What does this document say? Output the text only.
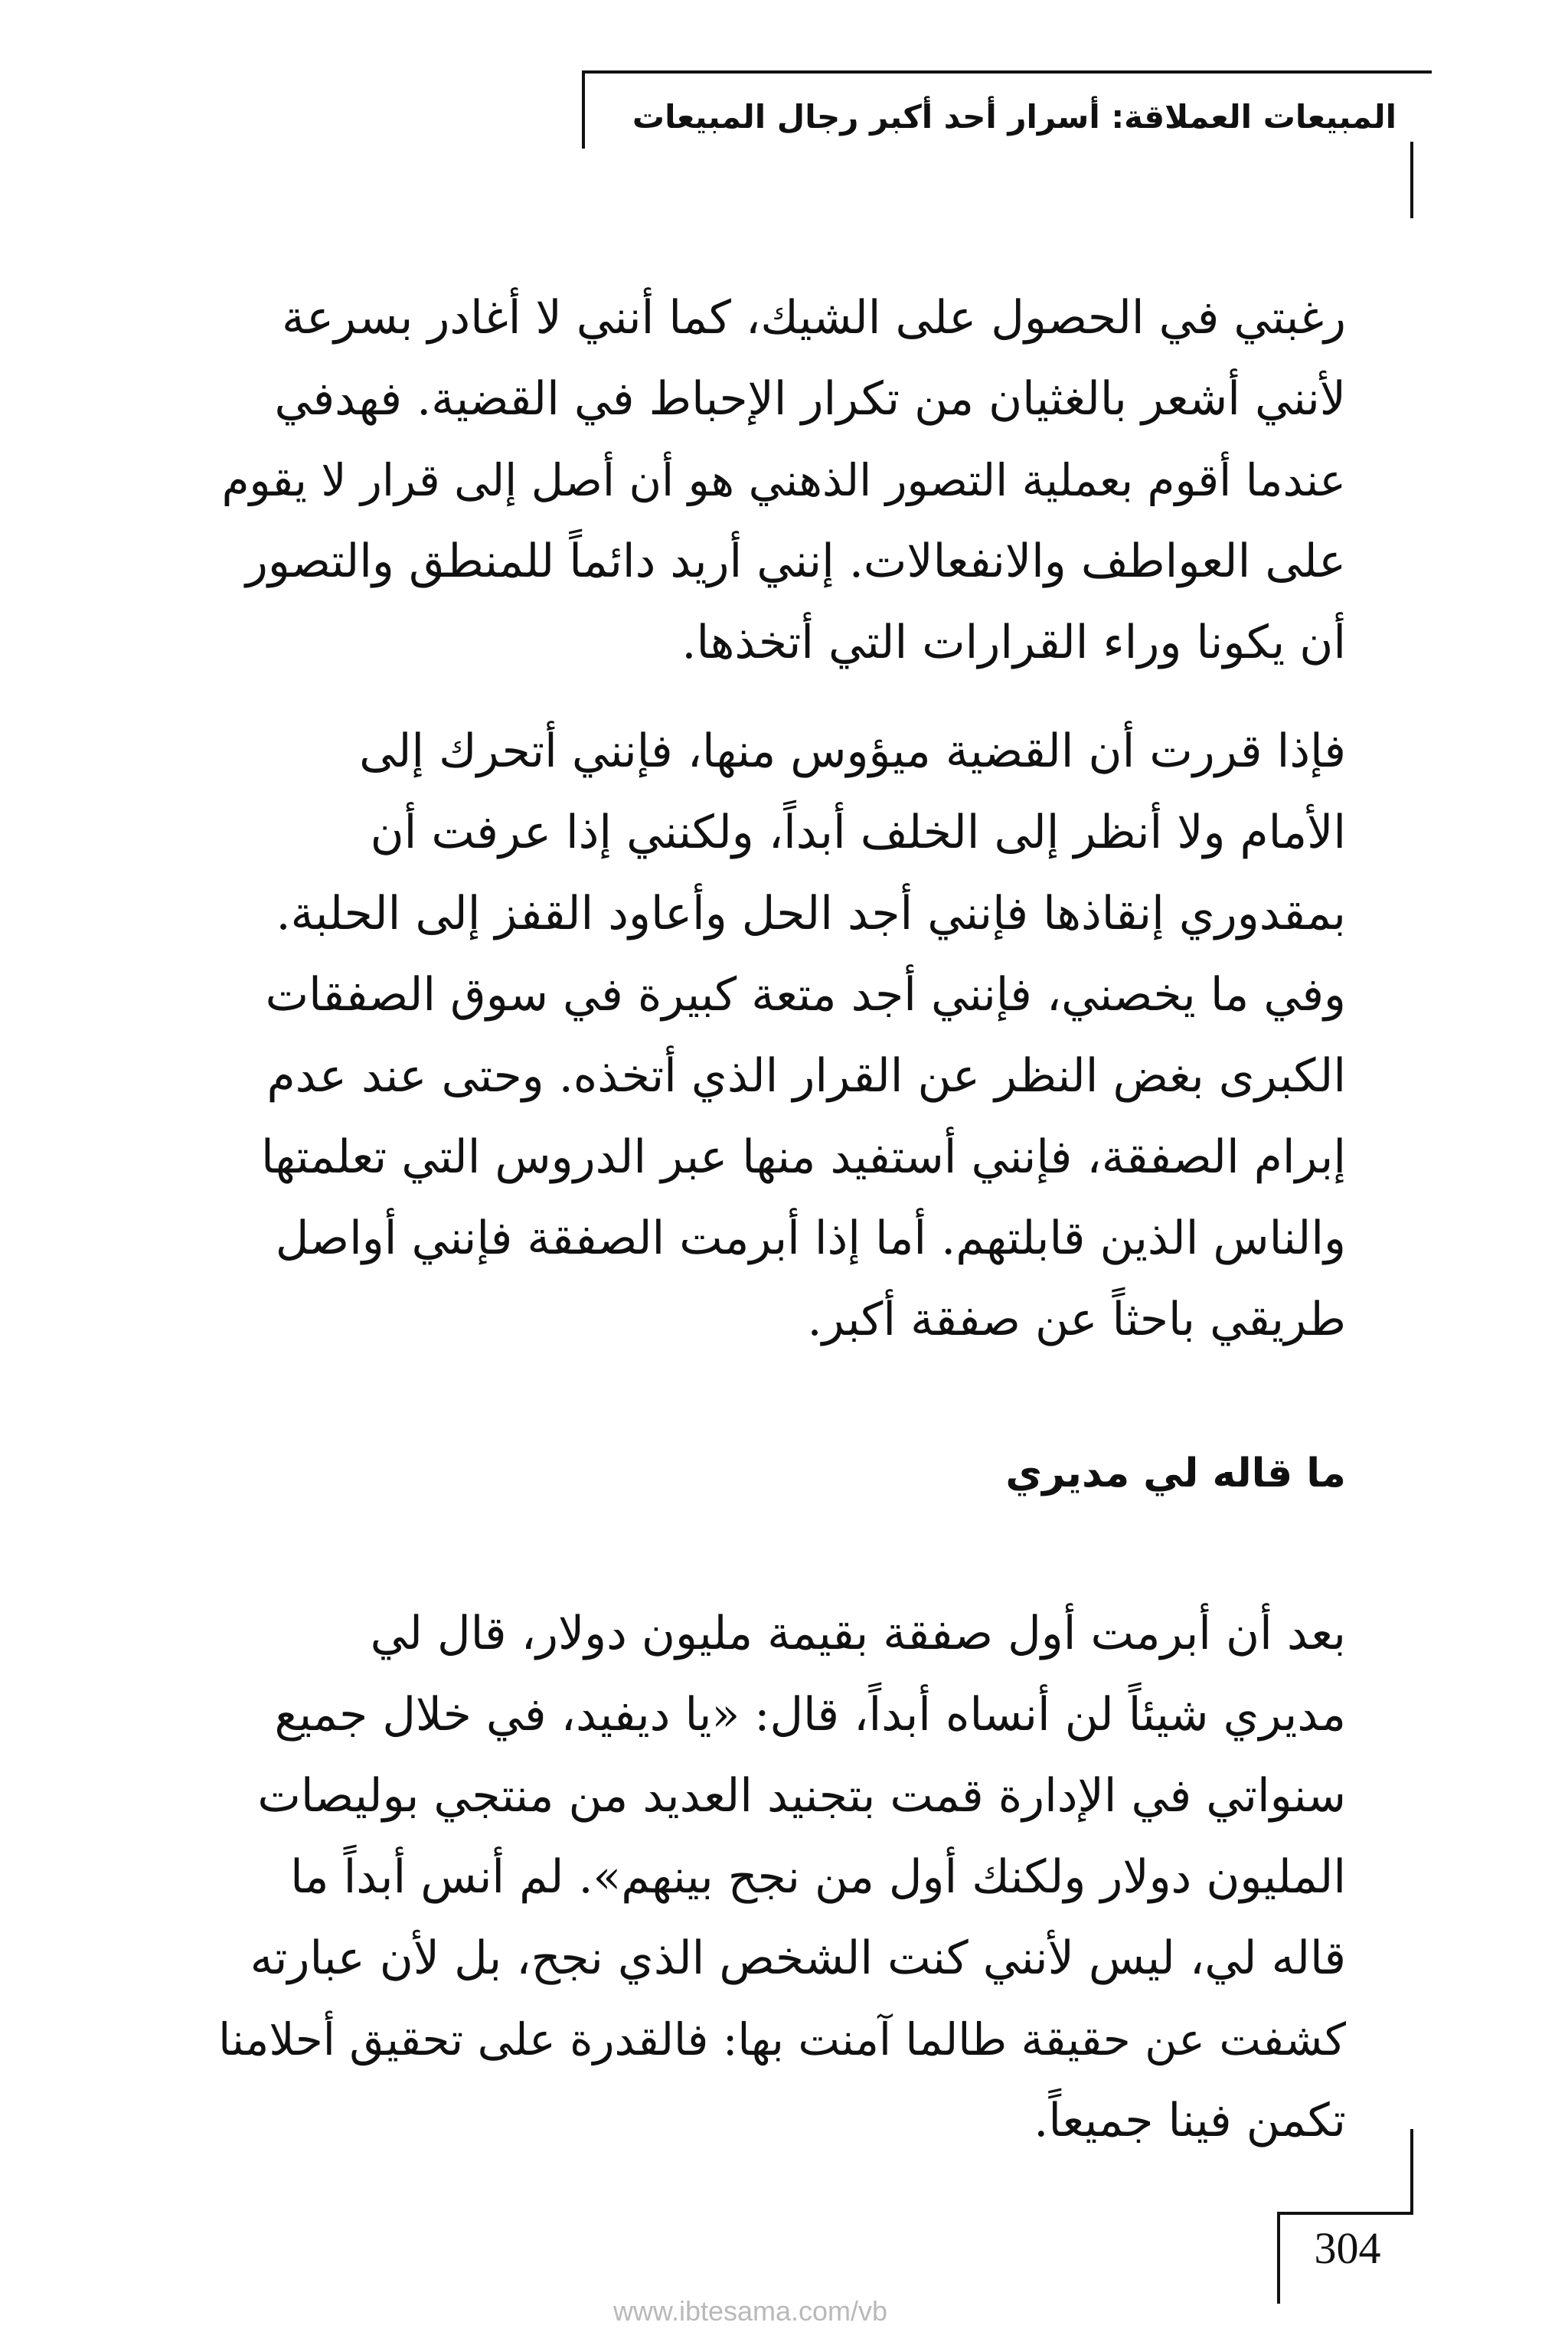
المبيعات العملاقة: أسرار أحد أكبر رجال المبيعات
رغبتي في الحصول على الشيك، كما أنني لا أغادر بسرعة
لأنني أشعر بالغثيان من تكرار الإحباط في القضية. فهدفي
عندما أقوم بعملية التصور الذهني هو أن أصل إلى قرار لا يقوم
على العواطف والانفعالات. إنني أريد دائماً للمنطق والتصور
أن يكونا وراء القرارات التي أتخذها.
فإذا قررت أن القضية ميؤوس منها، فإنني أتحرك إلى
الأمام ولا أنظر إلى الخلف أبداً، ولكنني إذا عرفت أن
بمقدوري إنقاذها فإنني أجد الحل وأعاود القفز إلى الحلبة.
وفي ما يخصني، فإنني أجد متعة كبيرة في سوق الصفقات
الكبرى بغض النظر عن القرار الذي أتخذه. وحتى عند عدم
إبرام الصفقة، فإنني أستفيد منها عبر الدروس التي تعلمتها
والناس الذين قابلتهم. أما إذا أبرمت الصفقة فإنني أواصل
طريقي باحثاً عن صفقة أكبر.
ما قاله لي مديري
بعد أن أبرمت أول صفقة بقيمة مليون دولار، قال لي
مديري شيئاً لن أنساه أبداً، قال: «يا ديفيد، في خلال جميع
سنواتي في الإدارة قمت بتجنيد العديد من منتجي بوليصات
المليون دولار ولكنك أول من نجح بينهم». لم أنس أبداً ما
قاله لي، ليس لأنني كنت الشخص الذي نجح، بل لأن عبارته
كشفت عن حقيقة طالما آمنت بها: فالقدرة على تحقيق أحلامنا
تكمن فينا جميعاً.
304
www.ibtesama.com/vb
